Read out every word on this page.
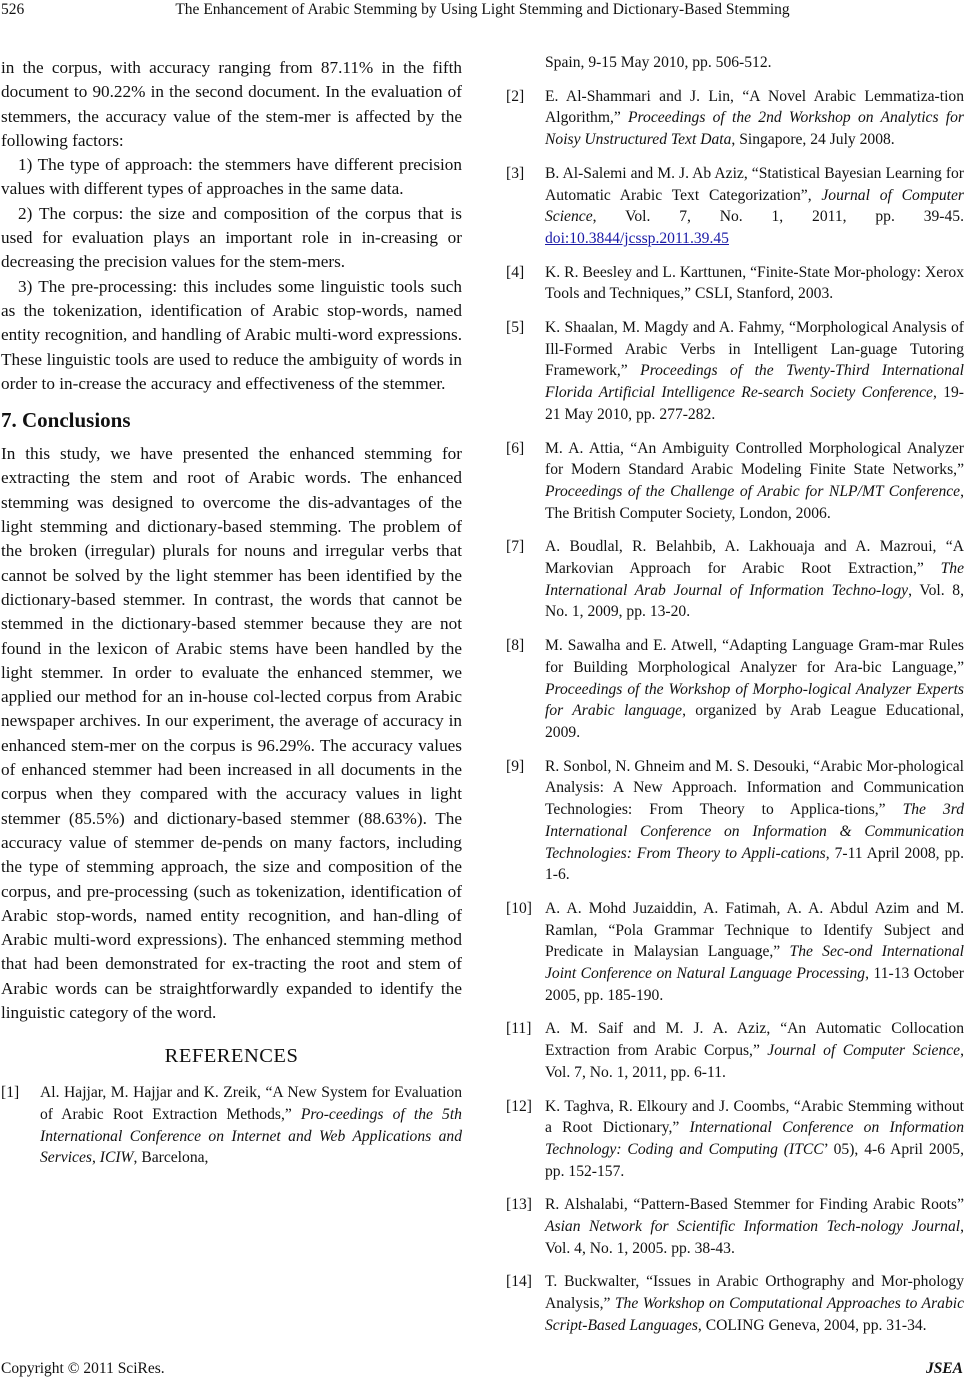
526	The Enhancement of Arabic Stemming by Using Light Stemming and Dictionary-Based Stemming

in the corpus, with accuracy ranging from 87.11% in the fifth document to 90.22% in the second document. In the evaluation of stemmers, the accuracy value of the stem-mer is affected by the following factors:

1) The type of approach: the stemmers have different precision values with different types of approaches in the same data.

2) The corpus: the size and composition of the corpus that is used for evaluation plays an important role in in-creasing or decreasing the precision values for the stem-mers.

3) The pre-processing: this includes some linguistic tools such as the tokenization, identification of Arabic stop-words, named entity recognition, and handling of Arabic multi-word expressions. These linguistic tools are used to reduce the ambiguity of words in order to in-crease the accuracy and effectiveness of the stemmer.

7. Conclusions

In this study, we have presented the enhanced stemming for extracting the stem and root of Arabic words. The enhanced stemming was designed to overcome the dis-advantages of the light stemming and dictionary-based stemming. The problem of the broken (irregular) plurals for nouns and irregular verbs that cannot be solved by the light stemmer has been identified by the dictionary-based stemmer. In contrast, the words that cannot be stemmed in the dictionary-based stemmer because they are not found in the lexicon of Arabic stems have been handled by the light stemmer. In order to evaluate the enhanced stemmer, we applied our method for an in-house col-lected corpus from Arabic newspaper archives. In our experiment, the average of accuracy in enhanced stem-mer on the corpus is 96.29%. The accuracy values of enhanced stemmer had been increased in all documents in the corpus when they compared with the accuracy values in light stemmer (85.5%) and dictionary-based stemmer (88.63%). The accuracy value of stemmer de-pends on many factors, including the type of stemming approach, the size and composition of the corpus, and pre-processing (such as tokenization, identification of Arabic stop-words, named entity recognition, and han-dling of Arabic multi-word expressions). The enhanced stemming method that had been demonstrated for ex-tracting the root and stem of Arabic words can be straightforwardly expanded to identify the linguistic category of the word.

REFERENCES
[1] Al. Hajjar, M. Hajjar and K. Zreik, “A New System for Evaluation of Arabic Root Extraction Methods,” Pro-ceedings of the 5th International Conference on Internet and Web Applications and Services, ICIW, Barcelona,
Spain, 9-15 May 2010, pp. 506-512.
[2] E. Al-Shammari and J. Lin, “A Novel Arabic Lemmatiza-tion Algorithm,” Proceedings of the 2nd Workshop on Analytics for Noisy Unstructured Text Data, Singapore, 24 July 2008.
[3] B. Al-Salemi and M. J. Ab Aziz, “Statistical Bayesian Learning for Automatic Arabic Text Categorization”, Journal of Computer Science, Vol. 7, No. 1, 2011, pp. 39-45. doi:10.3844/jcssp.2011.39.45
[4] K. R. Beesley and L. Karttunen, “Finite-State Mor-phology: Xerox Tools and Techniques,” CSLI, Stanford, 2003.
[5] K. Shaalan, M. Magdy and A. Fahmy, “Morphological Analysis of Ill-Formed Arabic Verbs in Intelligent Lan-guage Tutoring Framework,” Proceedings of the Twenty-Third International Florida Artificial Intelligence Re-search Society Conference, 19-21 May 2010, pp. 277-282.
[6] M. A. Attia, “An Ambiguity Controlled Morphological Analyzer for Modern Standard Arabic Modeling Finite State Networks,” Proceedings of the Challenge of Arabic for NLP/MT Conference, The British Computer Society, London, 2006.
[7] A. Boudlal, R. Belahbib, A. Lakhouaja and A. Mazroui, “A Markovian Approach for Arabic Root Extraction,” The International Arab Journal of Information Techno-logy, Vol. 8, No. 1, 2009, pp. 13-20.
[8] M. Sawalha and E. Atwell, “Adapting Language Gram-mar Rules for Building Morphological Analyzer for Ara-bic Language,” Proceedings of the Workshop of Morpho-logical Analyzer Experts for Arabic language, organized by Arab League Educational, 2009.
[9] R. Sonbol, N. Ghneim and M. S. Desouki, “Arabic Mor-phological Analysis: A New Approach. Information and Communication Technologies: From Theory to Applica-tions,” The 3rd International Conference on Information & Communication Technologies: From Theory to Appli-cations, 7-11 April 2008, pp. 1-6.
[10] A. A. Mohd Juzaiddin, A. Fatimah, A. A. Abdul Azim and M. Ramlan, “Pola Grammar Technique to Identify Subject and Predicate in Malaysian Language,” The Sec-ond International Joint Conference on Natural Language Processing, 11-13 October 2005, pp. 185-190.
[11] A. M. Saif and M. J. A. Aziz, “An Automatic Collocation Extraction from Arabic Corpus,” Journal of Computer Science, Vol. 7, No. 1, 2011, pp. 6-11.
[12] K. Taghva, R. Elkoury and J. Coombs, “Arabic Stemming without a Root Dictionary,” International Conference on Information Technology: Coding and Computing (ITCC’ 05), 4-6 April 2005, pp. 152-157.
[13] R. Alshalabi, “Pattern-Based Stemmer for Finding Arabic Roots” Asian Network for Scientific Information Tech-nology Journal, Vol. 4, No. 1, 2005. pp. 38-43.
[14] T. Buckwalter, “Issues in Arabic Orthography and Mor-phology Analysis,” The Workshop on Computational Approaches to Arabic Script-Based Languages, COLING Geneva, 2004, pp. 31-34.
Copyright © 2011 SciRes.	JSEA
